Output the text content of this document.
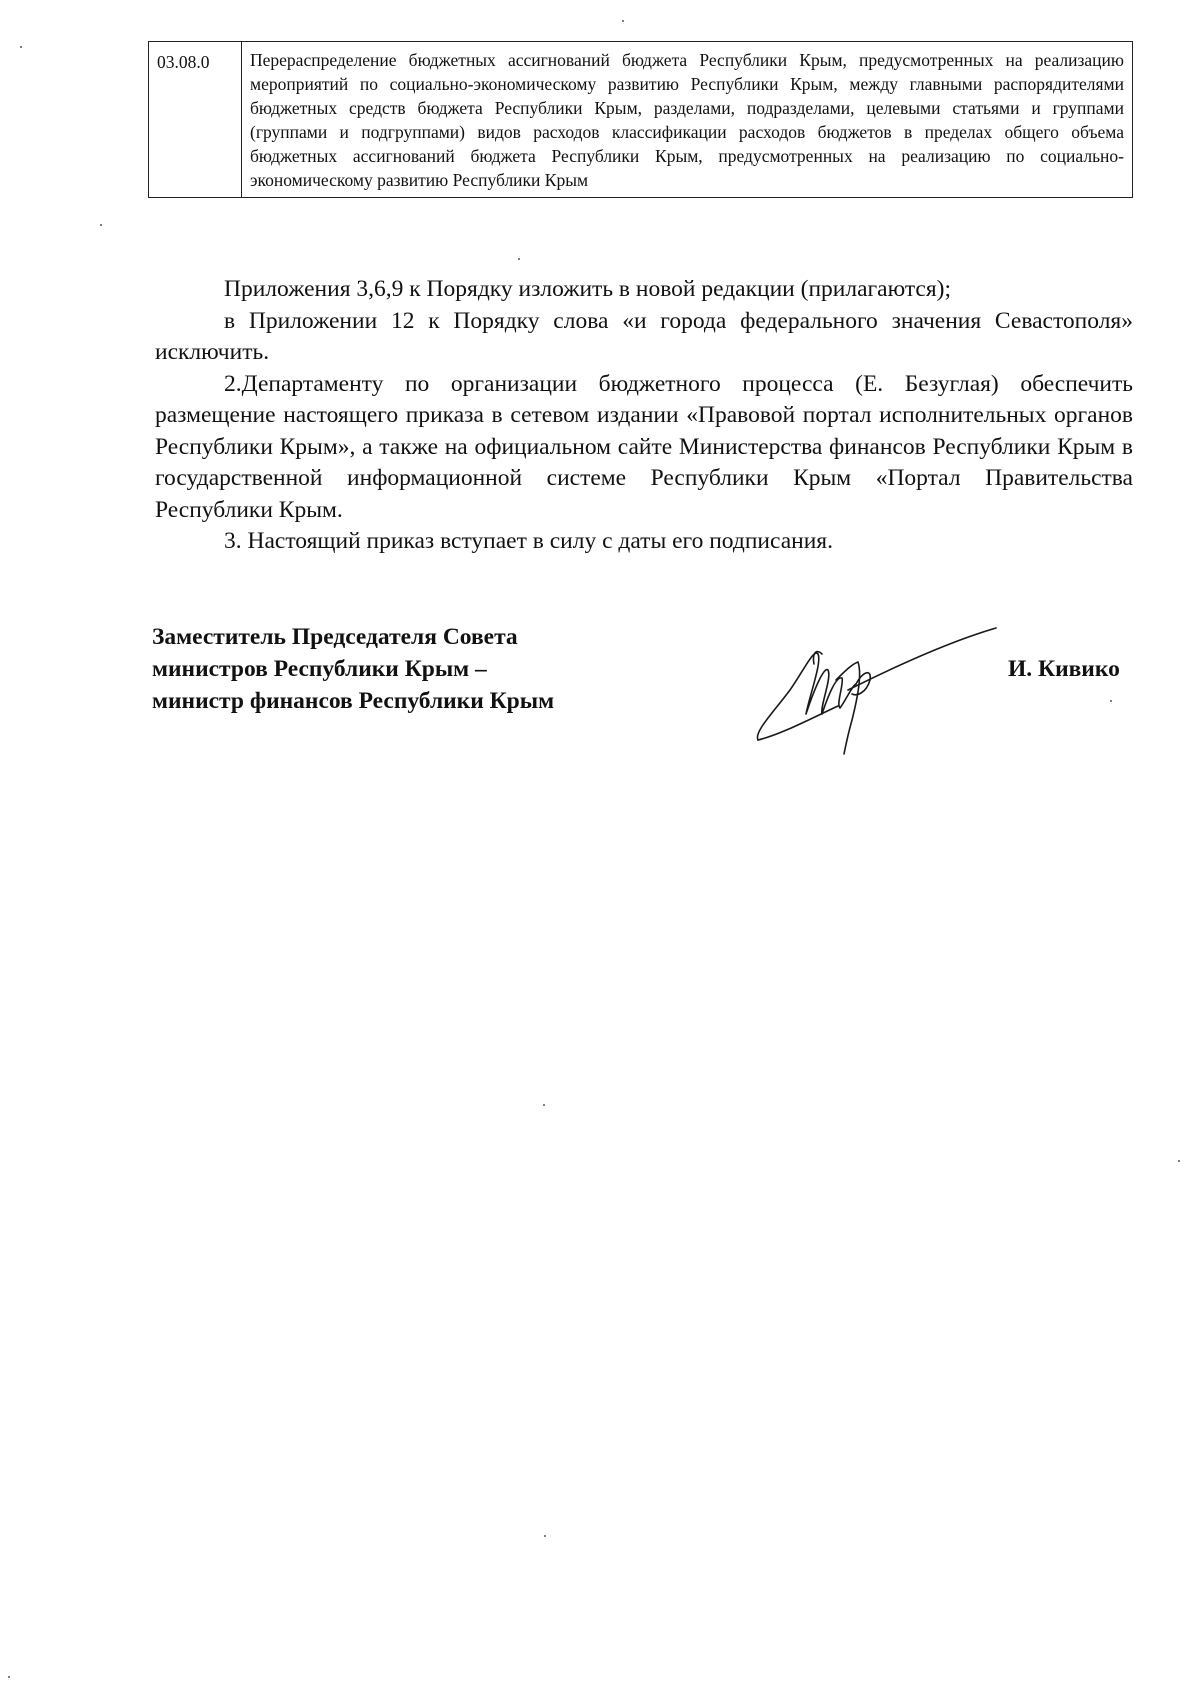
03.08.0	Перераспределение бюджетных ассигнований бюджета Республики Крым, предусмотренных на реализацию мероприятий по социально-экономическому развитию Республики Крым, между главными распорядителями бюджетных средств бюджета Республики Крым, разделами, подразделами, целевыми статьями и группами (группами и подгруппами) видов расходов классификации расходов бюджетов в пределах общего объема бюджетных ассигнований бюджета Республики Крым, предусмотренных на реализацию по социально-экономическому развитию Республики Крым

Приложения 3,6,9 к Порядку изложить в новой редакции (прилагаются);

в Приложении 12 к Порядку слова «и города федерального значения Севастополя» исключить.

2.Департаменту по организации бюджетного процесса (Е. Безуглая) обеспечить размещение настоящего приказа в сетевом издании «Правовой портал исполнительных органов Республики Крым», а также на официальном сайте Министерства финансов Республики Крым в государственной информационной системе Республики Крым «Портал Правительства Республики Крым.

3. Настоящий приказ вступает в силу с даты его подписания.

Заместитель Председателя Совета
министров Республики Крым –
министр финансов Республики Крым
И. Кивико
